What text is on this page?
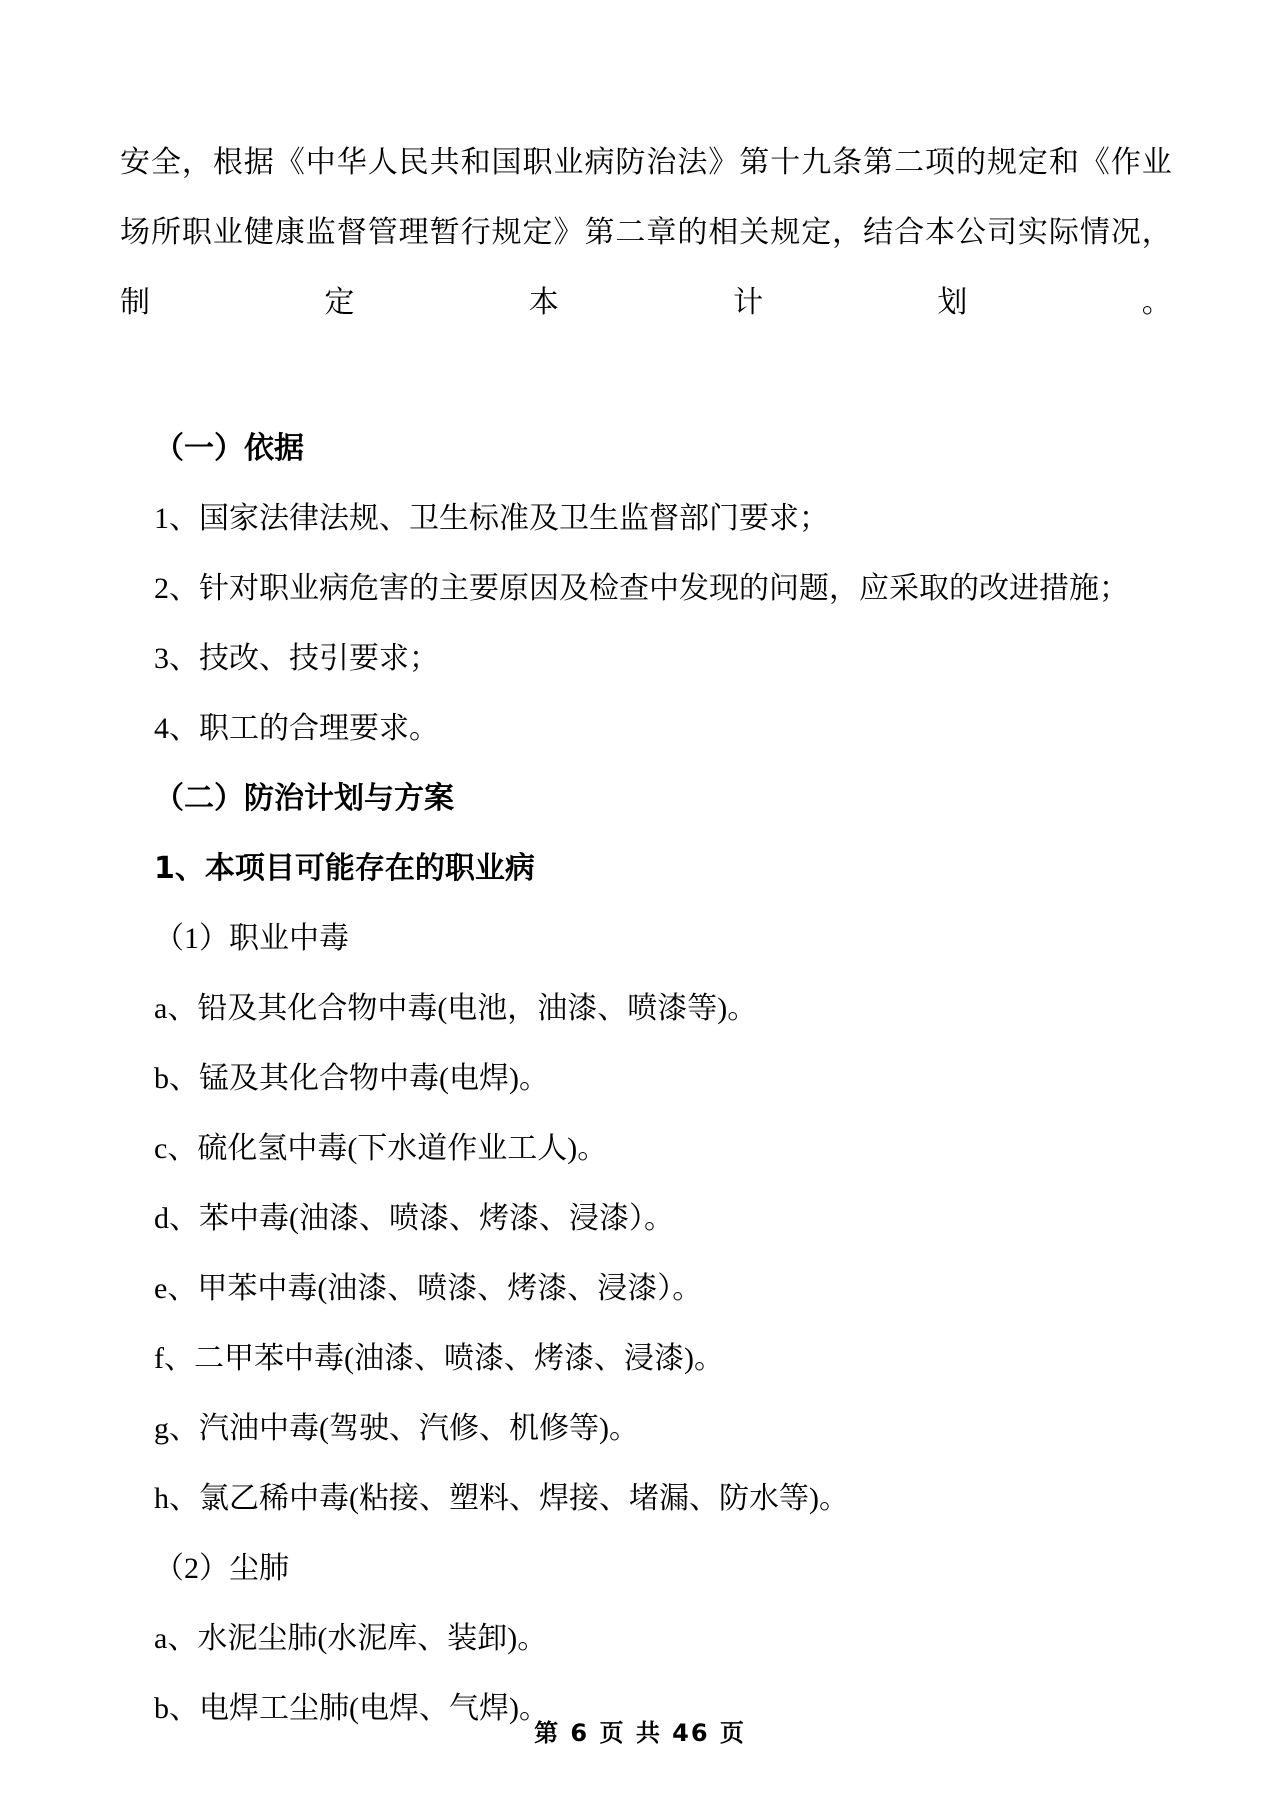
安全，根据《中华人民共和国职业病防治法》第十九条第二项的规定和《作业场所职业健康监督管理暂行规定》第二章的相关规定，结合本公司实际情况，制定本计划。

（一）依据

1、国家法律法规、卫生标准及卫生监督部门要求；

2、针对职业病危害的主要原因及检查中发现的问题，应采取的改进措施；

3、技改、技引要求；

4、职工的合理要求。

（二）防治计划与方案

1、本项目可能存在的职业病

（1）职业中毒

a、铅及其化合物中毒(电池，油漆、喷漆等)。

b、锰及其化合物中毒(电焊)。

c、硫化氢中毒(下水道作业工人)。

d、苯中毒(油漆、喷漆、烤漆、浸漆）。

e、甲苯中毒(油漆、喷漆、烤漆、浸漆）。

f、二甲苯中毒(油漆、喷漆、烤漆、浸漆)。

g、汽油中毒(驾驶、汽修、机修等)。

h、氯乙稀中毒(粘接、塑料、焊接、堵漏、防水等)。

（2）尘肺

a、水泥尘肺(水泥库、装卸)。

b、电焊工尘肺(电焊、气焊)。

第 6 页 共 46 页
